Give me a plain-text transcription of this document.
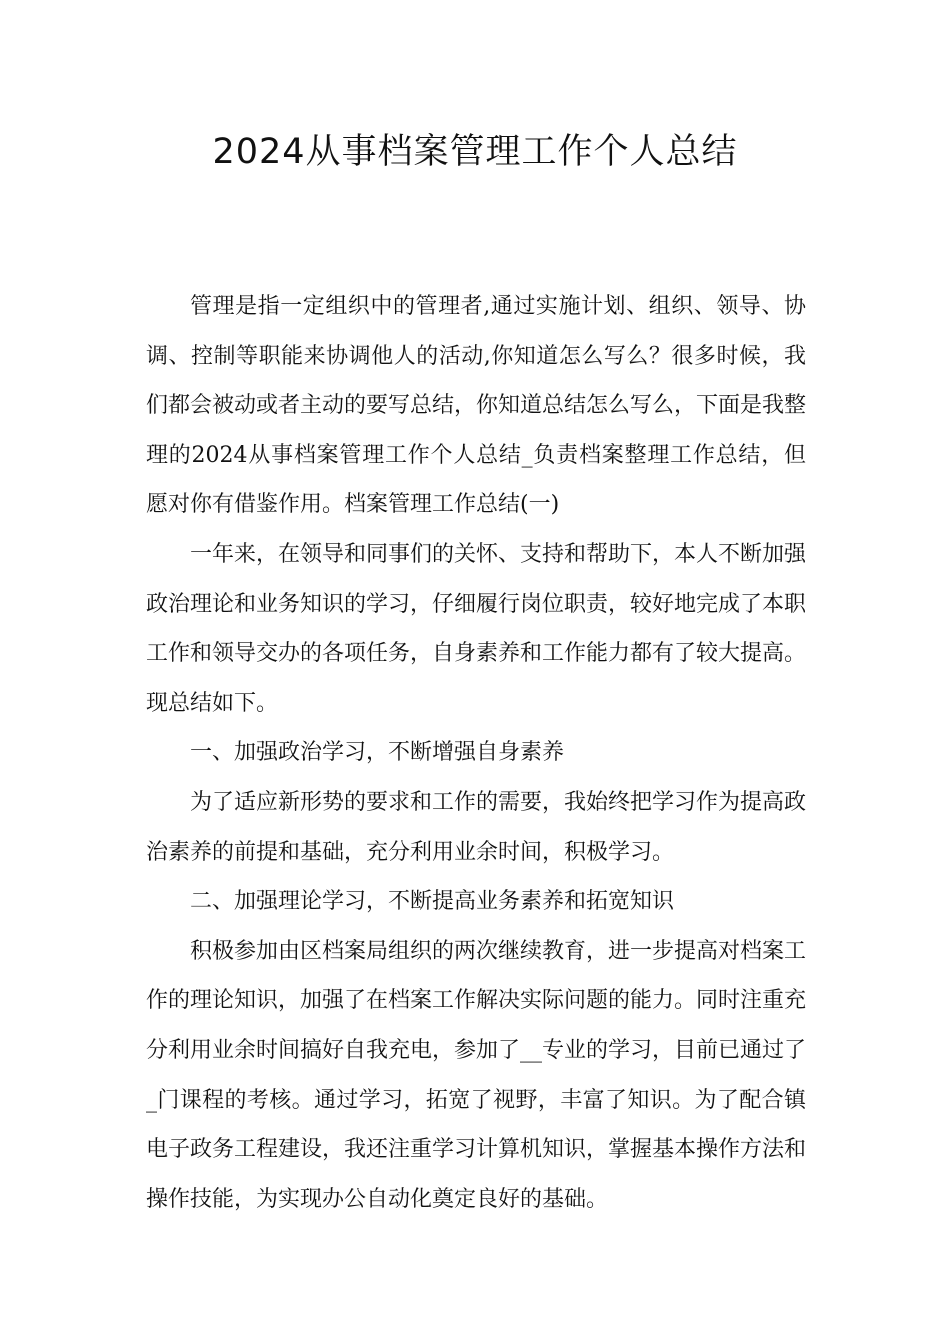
2024从事档案管理工作个人总结

管理是指一定组织中的管理者,通过实施计划、组织、领导、协调、控制等职能来协调他人的活动,你知道怎么写么？很多时候，我们都会被动或者主动的要写总结，你知道总结怎么写么，下面是我整理的2024从事档案管理工作个人总结_负责档案整理工作总结，但愿对你有借鉴作用。档案管理工作总结(一)

一年来，在领导和同事们的关怀、支持和帮助下，本人不断加强政治理论和业务知识的学习，仔细履行岗位职责，较好地完成了本职工作和领导交办的各项任务，自身素养和工作能力都有了较大提高。现总结如下。

一、加强政治学习，不断增强自身素养

为了适应新形势的要求和工作的需要，我始终把学习作为提高政治素养的前提和基础，充分利用业余时间，积极学习。

二、加强理论学习，不断提高业务素养和拓宽知识

积极参加由区档案局组织的两次继续教育，进一步提高对档案工作的理论知识，加强了在档案工作解决实际问题的能力。同时注重充分利用业余时间搞好自我充电，参加了__专业的学习，目前已通过了_门课程的考核。通过学习，拓宽了视野，丰富了知识。为了配合镇电子政务工程建设，我还注重学习计算机知识，掌握基本操作方法和操作技能，为实现办公自动化奠定良好的基础。
